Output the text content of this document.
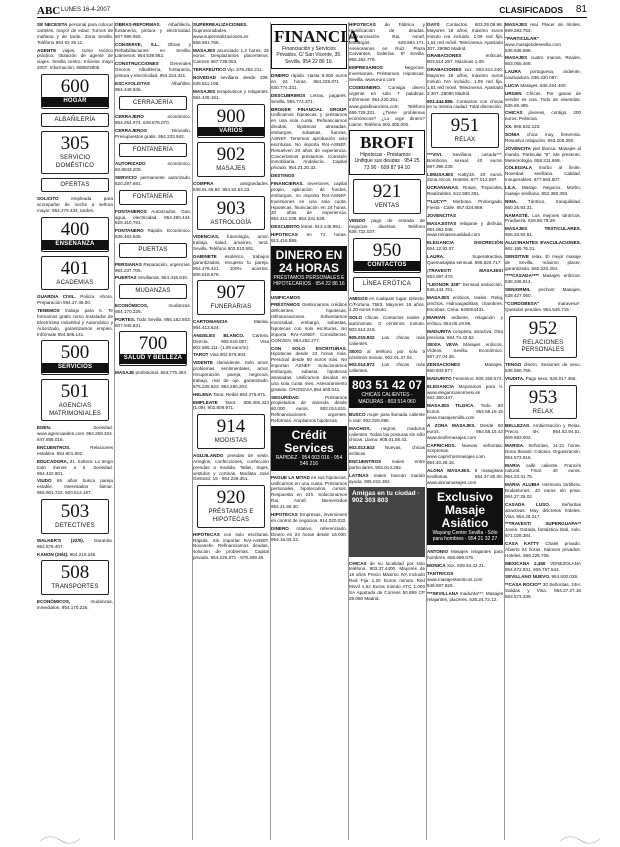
ABC LUNES 16-4-2007	CLASIFICADOS 81

SE NECESITA personal para colocar carteles, mayor de edad. Turnos de mañana y de tarde. Zona Sevilla. Teléfono 954 02 25 11.

AGENTE viajes, curso teórico práctico, titulación de agente de viajes. Sevilla centro. Iníciese mayo 2007. Información: 608922805.

600
HOGAR
ALBAÑILERÍA
305
SERVICIO DOMÉSTICO
OFERTAS

SOLICITO	empleada para acompañar de noche a señora mayor. 954.279.432, tardes.

400
ENSEÑANZA
401
ACADEMIAS

GUARDIA CIVIL. Policía. Ahora. Preparación 954.27.46.00.

TENEMOS trabajo para ti. Te formamos gratis como Instalador de Electricista Industrial y Automático y Autorizado, garantizamos empleo. Infórmate 954.606.141.

500
SERVICIOS
501
AGENCIAS MATRIMONIALES

EDÉN.	Seriedad. www.agenciaeden.com 954.258.324. 647.858.016.

ENCUENTROS.	Relaciones estables. 954.901.802.

EDUCADORA, 31. Soltera. Lo tengo todo menos a ti. Seriedad. 954.422.801.

VIUDO 65 años busca pareja estable. Interesados llamar. 955.901.722. 600.613.167.

503
DETECTIVES

WALKER'S (22/0). Garantía. 954.576.407.

KANON (29/4). 954.210.246.

508
TRANSPORTES

ECONÓMICOS,	mudanzas, inmediatos. 954.170.225.

OBRAS-REFORMAS. Albañilería, fontanería, pintura y electricidad. 607.896.656.

CONSERVE, S.L. Obras y Rehabilitaciones en Sevilla. Llámenos: 954.539.882.

CONSTRUCCIONES Generales Onoros. Albañilería, fontanería, pintura y electricidad. 954.224.321.

ESCAYOLISTAS	Albañiles. 954.448.946.

CERRAJERÍA

CERRAJERO	económico. 954.254.974. 649.678.070.

CERRAJEROS	Dimoolin. Presupuestos gratis. 954.233.942.

FONTANERÍA

AUTORIZADO	económico. 60.8843.209.

SERVICIO permanente autorizado. 620.297.691.

FONTANERÍA

FONTANEROS Autorizados. Gas, agua, electricidad. 954.490.444. 629.310.791.

FONTANERO Rápido. Económico. 636.463.945.

PUERTAS

PERSIANAS Reparación, urgencias. 954.237.706.

PUERTAS Sevillanas. 954.418.810.

MUDANZAS

ECONÓMICOS,	mudanzas. 954.170.226.

PORTES. Todo Sevilla. 955.182.603. 607.945.831.

700
SALUD Y BELLEZA

MASAJE profesional. 663.775.394.

SUPERREALIZACIONES. Suprosonidades. www.superrealizaciones.es 658.681.765.

MASAJES anunciado 1,2 horas, 25 euros. Desplazamos placenteros. Carmen 687.739.053.

TERAPEUTICO Vip. 678.282.211.

NOVEDAD sevillana desde 20€. 635.811.108.

MASAJES terapéuticos y relajantes. 664.428.161.

900
VARIOS
902
MASAJES

COMPRA	antigüedades. 638.91.65.92. 954.52.54.23.

903
ASTROLOGÍA

VIDENCIAS, futurología, amor, trabajo, salud, amarres, tarot. Sevilla. Teléfono 902.510.591.

GABINETE esotérico, trabajos garantizados, recupera tu pareja. 954.278.421. 100% aciertos. 806.518.678.

907
FUNERARIAS

CARTOMANCIA	Marisa. 954.413.624.

ANGELES BLANCO. Cartera. Directa. 806.516.087. Visa 902.885.111. (1,09 euro/m).

TAROT Visa 902.878.903.

VIDENTE clarividente. Solo amor, problemas sentimentales, amor, recuperación pareja, negocios, trabajo, mal de ojo. garantizado. 675.226.823. 954.280.203.

HELENA Tarot. Reikis 954.276.871.

EMPLEATE Tarot. 806.405.324 (1,09). 902.809.971.

914
MODISTAS

AGUJILANDO prendas de vestir. Arreglos, confecciones, confección prendas a medida. Tallas, trajes, vestidos y cortinas. Modista José Gestoso, 15 - 954.226.351.

920
PRÉSTAMOS E HIPOTECAS

HIPOTECAS con solo escrituras. Rápida. Sin importar RAI-ASNEF, Novanefe. Refinanciamos deudas, solución de problemas. Capital privado. 954.226.871 - 678.409.46.

FINANCIA
Financiación y Servicios Privados. C/ San Vicente, 35. Sevilla. 954 22 86 16.

DINERO rápido. Hasta 6.000 euros en 24 horas. 954.228.871 - 630.774.331.

DESCUBRIMOS Letras, pagarés. Sevilla. 955.774.371.

BROKER FINANCIAL GROUP. Unificamos hipotecas y préstamos en una sola cuota. Refinanciamos deudas, hipotecas atrasadas, embargos, subastas, fianzas, ASNEF. Tenemos aprobación solo escrituras. No importa RAI-ASNEF. Resuelven 20 años de experiencia. Concertamos préstamos. Comisión inmobiliaria. Andalucía. Capital privado. 954.21.20.32.

DESTINOS

FINANCIERAS. Inversores, capital propio, aplicación de fondos, embargos, no importa RAI-ASNEF. Inversiones en una sola cuota. Hipotecas, financiación en 24 horas, 20 años de experiencia. 954.411.238. 654.231.528.

DESCUENTO letras. 913.145.991.

HIPOTECAS en 72 horas. 913.416.895.

DINERO EN 24 HORAS
PRÉSTAMOS PERSONALES E HIPOTECARIOS · 954 22 86 16

UNIFICAMOS

PRÉSTAMOS Gestionamos créditos deficientes, hipotecas, refinanciaciones. Solventamos morosidad, embargo, subastas, hipotecas con solo escrituras. No importa RAI-ASNEF. Consúltenos. CONVEN. 954.262.277.

CON SOLO ESCRITURAS. Hipotecas desde 24 horas más. Personal desde 60 euros más. No importan ASNEF. Solucionamos embargos, subasta, hipotecas atrasadas. Unificamos deudas en una sola cuota mes. Asesoramiento gratuito. CROSSVIA 954.600.041.

SEGURIDAD.	Préstamos propietarios de vivienda desde 60.000 euros. 902.014.815. Refinanciaciones urgentes. Reformas. Ampliamos hipotecas.

Crédit Services
RAPIDEZ · 954 003 016 · 954 546 216

PAGUE LA MITAD en sus hipotecas, unificamos en una cuota. Préstamos personales, hipotecarios, cursos. Respuesta en 24h. Solucionamos Rai, Asnef. Bienvenidos 954.21.66.30.

HIPOTECAS Empresas, inversiones en control de negocios. 914.020.022.

DINERO rotativo, referenciado. Dinero en 24 horas desde 16.000. 954.16.03.12.

HIPOTECAS de Fábrica y reunificación de deudas. Refinanciación. Rai, Asnef, embargos. 629.684.171. Asesoramos en Ruiz. Plaza Cervantes, Galerías. 5ª Sevilla. 955.282.779.

EMPRESARIOS	Negocios. Inversiones. Préstamos. Hipotecas. Sevilla. www.euro.com

COSEDINERO. Consiga dinero urgente en solo 7 palabras. Infórmese: 954.220.251.

www.guiafinanciera.com Teléfono 689.728.331. ¿Tiene problemas económicos? ¿Lo urge dinero? Llame. Teléfono 902.305.000.

BROFI
Hipotecas - Préstamos · Unifique sus deudas · 954 25 73 90 · 609 87 94 10
921
VENTAS

VENDO pago de entrada de negocios diversos. Teléfono 638.722.037.

950
CONTACTOS
LÍNEA ERÓTICA

AMIGOS en cualquier lugar. Directo. C/Fortuna 7583. Mayores 18 años. 1,20 euros minuto.

SOLO chicas. Contactos reales y autónomas. 0 céntimos minuto. 803.514.218.

905.015.832 Las chicas más calientes.

SEXO al teléfono por solo 0 céntimos minuto. 902.01.47.04.

902.014.872 Las chicas más calientes.

803 51 42 07
CHICAS CALIENTES - MADURAS · 803 514 060

BUSCO mujer para llamada caliente o real. 902.028.096.

MACHOS, negros, maduros calientes. Todas las posturas sin sólo chicas. Llama: 905.01.55.43.

902.013.843 Nuevas, chicas eróticas.

ENCUENTROS reales entre particulares. 902.014.292.

LATINAS reales buscan marido ayuda. 905.015.362.

Amigas en tu ciudad · 902 303 803

CHICAS de su localidad por solo teléfono. 803.37.4400. Mayores de 18 años Precio Máximo IVA Incluido Red Fija 1,20 Euros minuto Red Movil 1,52 Euros minuto ATC 1.000 SA Apartado de Correos 50.889 CP 28.080 Madrid.

GAYS Contactos. 803.29.09.98. Mayores 18 años, máximo euros minuto Iva incluido. 1,09 red fija, 1,51 red móvil. Telecinema. Apartado 307. 29080 Madrid.

GRABACIONES	eróticas. 803.514.287. Máximas 1,09.

GRABACIONES xxx. 803.514.240. Mayores 18 años, máximo euros minuto IVA incluido. 1,09 red fija. 1,51 red móvil. Telecinema. Apartado 3.307. 28080 Madrid.

902.444.886. Contactos con chicas en tu misma ciudad. Total discreción.

951
RELAX

***VIVI. Sevillana casada***. Bombona sexual. 40 euros. 697.395.239.

LIMUSAJES Katty18. 40 euros. Zona Arcos. Hoteles. 677.012.097.

UCRANIANAS. Rusas, Tropicales, Realizables. 612.590.351.

**LUCY** Morbosa. Prolongado. Fiesta - Calle. 657.024.859.

JOVENCITAS

MASAJISTAS relajante y disfruta. 954.062.048. www.reinasexualidad.com

ELEGANCIA DISCRECIÓN 654.12.92.07.

LAURA.	Superatractiva. Quemasajista sensual. 696.520.717.

¡TRAVESTI MASAJES! 653.087.470.

"LEONOR 328" Sensual seducción. 646.144.761.

MASAJES eróticos, reales. Relaj, pinchos. Hidroaujadistas, chambres. Escobas. Cena. 645004431.

MARIAN ardiente, relajación y erótica. 654.06.19.98.

MADURITA completa, atractiva. Otra preciosa. 664.74.42.62.

SEXIA VEVA Masajes eróticos. Vídeos. Sevilla. Económico. 667.27.04.36.

ZENSACIONES	Masajes. 660.943.877.

MADURITO Femenino. 609.158.574.

ELEGANCIA Mejoramos para ti. www.elegancianormesi.es 662.360.447.

MASAJES TILDICA. Todo. 80 Euros. 954.58.19.15 www.masajesmilla.com

A ZONA MASAJES. Desde 50 euros. 954.58.15.43 www.sexfemasajes.com

CAPRICHOS. Nuevas señoritas. Sorpresas. www.caprichosmasajes.com. 954.40.28.16.

ALONA MASAJES. 6 masajistas sevillanas. 954.37.60.00. www.alonamasajes.com

Exclusivo Masaje Asiático
Wayang Center Sevilla · Sólo para hombres · 954 21 32 27

ANTONIO Masajes relajantes para hombres. 658.696.075.

MONICA Xxx. 629.64.42.21.

TANTRICOS www.masajestantricos.com 648.597.826.

***SEVILLANA madurita***. Masajes relajantes, placeres. 636.24.72.12.

MASAJES real. Placer sin límites. 699.283.754.

"PARTICULAR" www.masajesdesevilla.com 636.636.688.

MASAJES cuatro manos. Reales. 663.055.468.

LAURA portuguesa, ardiente, cautivadora. 636.430.097.

LUCIA Masajes. 636.264.400.

URGEN Chicas. Por ganas de vender es una. Todo de viviendas. 636.66.485.

CHICAS jóvenes, contigo, 200 euros. Pelinova.

XX. 666.532.123.

SONIA chica muy femenina. Resuelvo relajación. 953.200.350.

JOVENCITA piel blanca. Masajes al mando. Particular "8". Me presento. Meteorología. 658.311.669.

COLEGIALA morbo al límite. Novedad sevillana. Calidad. Insuperables. 677.563.507.

LILA. Masaje. Negocio. Morbo, masaje sevillana. 952.390.393.

NINA. Tántrico, tranquilidad. 660.25.93.31.

NAMASTÉ. Los mejores tántricos. Pradiveza. 629.95.78.29.

MASAJES TESTICULARES. 656.33.92.51.

ALUCINANTES EVACULACIONES. 662.165.76.31.

SENSITIVE relax. El mejor masaje de Sevilla, máximo placer, garantizado. 692.220.204.

****CASADA**** Masajes eróticos. 638.346.814.

SENIORMIL pechos! Masajes. 638.427.060.

"CORDOBESA"	maravesa*. Quesdos penales. 954.546.715.

952
RELACIONES PERSONALES

TENGO dinero. Sesiones de sexo. 636.580.766.

VIUDITA. Pago sexo. 628.017.456.

953
RELAX

BELLEZAS. Ambientación y Relax. Precio. 4H. 954.53.94.51. 609.883.002.

MARISA. Señoritas, 11-21 horas. Dona Bioanti. Colonia. Organización. 954.573.916.

MARIA calle caliente. Francés natural. Final. 40 euros. 954.23.41.75.

MARIA ALUBIA Hermosa tortillera. Bodantones. 40 euros sin prisa. 954.27.26.02.

CASADA LUSO.	Señoritas atractivas. Muy discretos hoteles. Visa. 954.29.217.

**TRAVESTI SUPERGUAPA** Joven. Dotada, fantástica total, solo. 671.028.384.

CASA KATTY Chalet privado. Abierto 24 horas. Salones privados. Hoteles. 666.225.706.

MEXICANA 2,450 VENEZOLANA 954.672.931. 606.767.844.

SEVILLANO NUEVO. 954.600.036.

**CASA ROCIO** 30 Señoritas. 24H. Salidas y Visa. 954.27.27.16 663.573.339.
